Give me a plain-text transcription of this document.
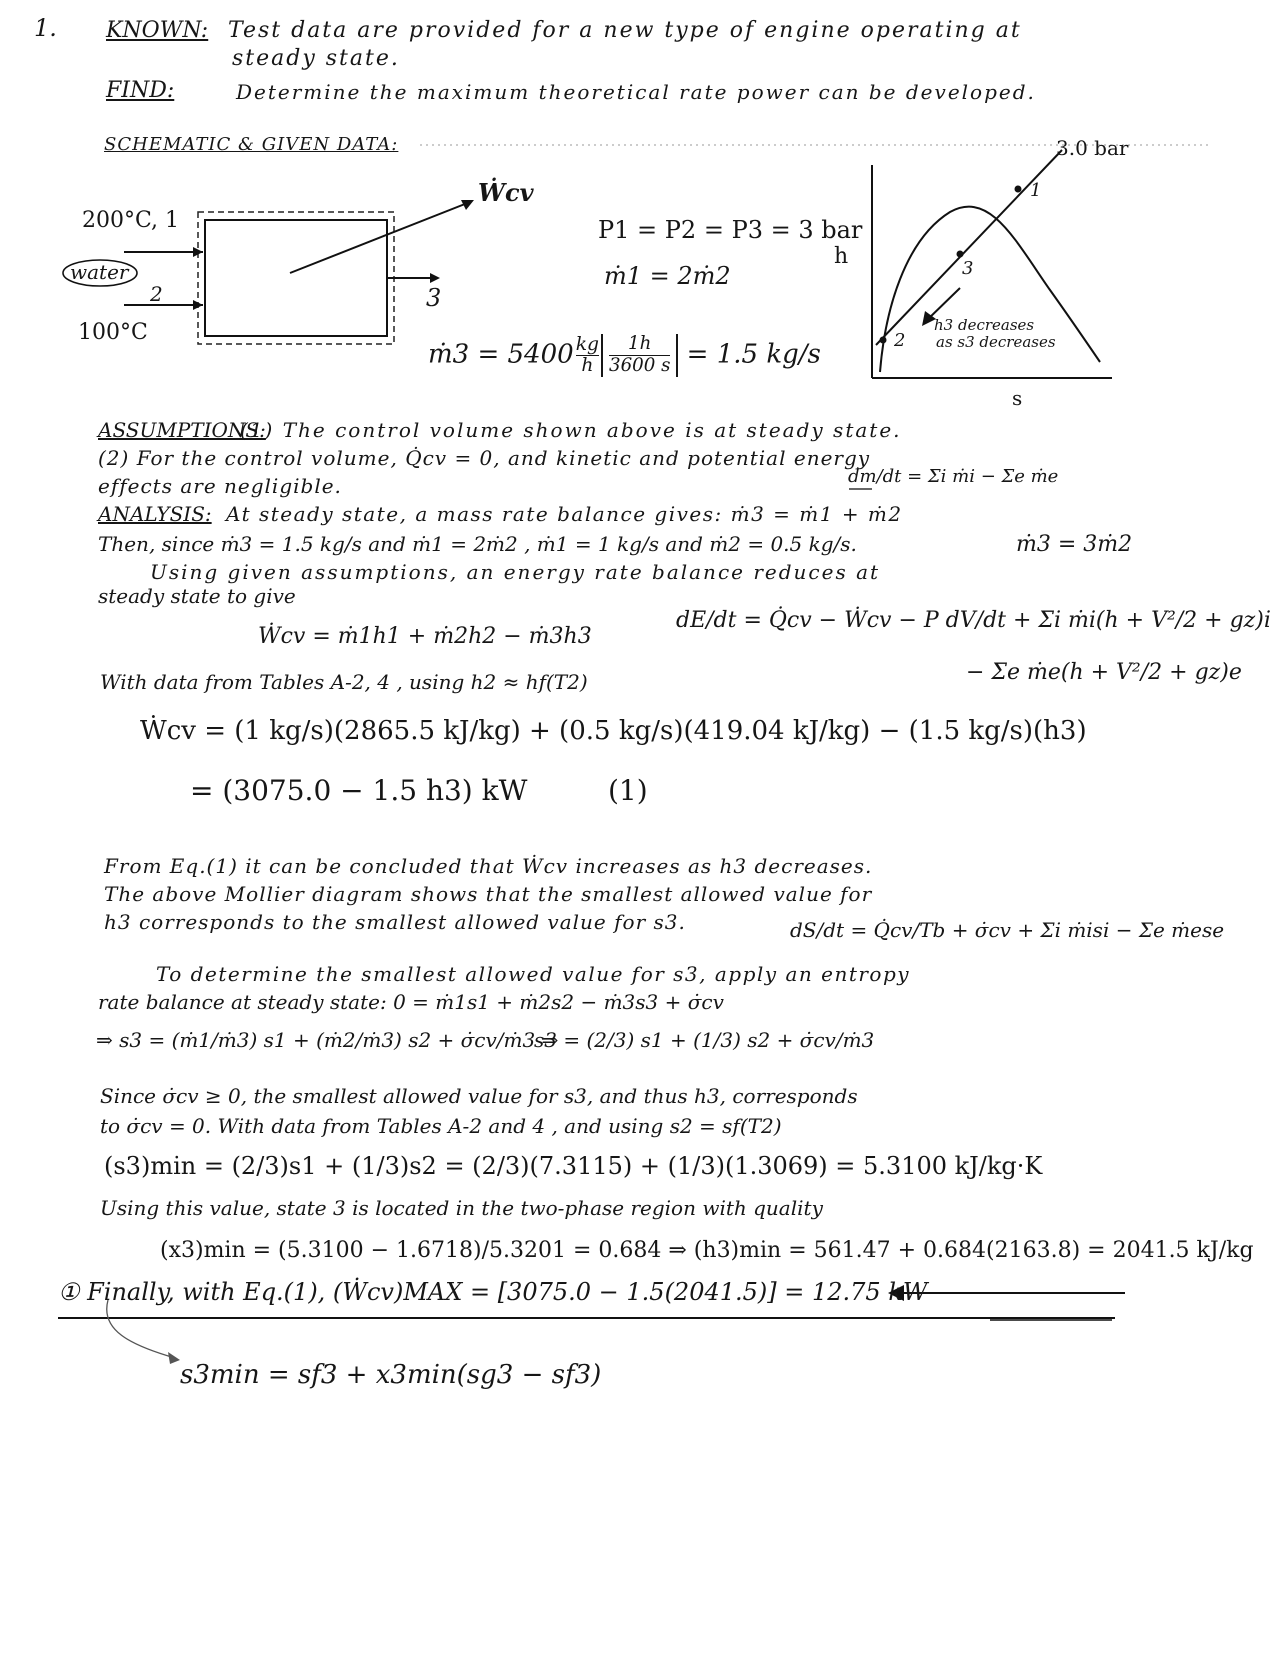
1. KNOWN: Test data are provided for a new type of engine operating at
steady state.
FIND:	Determine the maximum theoretical rate power can be developed.
SCHEMATIC & GIVEN DATA:
200°C, 1
water
2
100°C
3
Ẇcv
P1 = P2 = P3 = 3 bar
ṁ1 = 2ṁ2
ṁ3 = $5400 \frac{kg}{h} \frac{1h}{3600 s} = 1.5$ kg/s
3.0 bar
h
s
1
2
3
h3 decreases
as s3 decreases
ASSUMPTIONS:
(1) The control volume shown above is at steady state.
(2) For the control volume, Q̇cv = 0, and kinetic and potential energy
effects are negligible.	dm/dt = Σi ṁi − Σe ṁe
ANALYSIS: At steady state, a mass rate balance gives: ṁ3 = ṁ1 + ṁ2
Then, since ṁ3 = 1.5 kg/s and ṁ1 = 2ṁ2 , ṁ1 = 1 kg/s and ṁ2 = 0.5 kg/s.	ṁ3 = 3ṁ2
Using given assumptions, an energy rate balance reduces at
steady state to give
Ẇcv = ṁ1h1 + ṁ2h2 − ṁ3h3
dE/dt = Q̇cv − Ẇcv − P dV/dt + Σi ṁi(h + V²/2 + gz)i
− Σe ṁe(h + V²/2 + gz)e
With data from Tables A-2, 4 , using h2 ≈ hf(T2)
Ẇcv = (1 kg/s)(2865.5 kJ/kg) + (0.5 kg/s)(419.04 kJ/kg) − (1.5 kg/s)(h3)
= (3075.0 − 1.5 h3) kW	(1)
From Eq.(1) it can be concluded that Ẇcv increases as h3 decreases.
The above Mollier diagram shows that the smallest allowed value for
h3 corresponds to the smallest allowed value for s3.	dS/dt = Q̇cv/Tb + σ̇cv + Σi ṁisi − Σe ṁese
To determine the smallest allowed value for s3, apply an entropy
rate balance at steady state: 0 = ṁ1s1 + ṁ2s2 − ṁ3s3 + σ̇cv
⇒ s3 = (ṁ1/ṁ3) s1 + (ṁ2/ṁ3) s2 + σ̇cv/ṁ3 ⇒
s3 = (2/3) s1 + (1/3) s2 + σ̇cv/ṁ3
Since σ̇cv ≥ 0, the smallest allowed value for s3, and thus h3, corresponds
to σ̇cv = 0. With data from Tables A-2 and 4 , and using s2 = sf(T2)
(s3)min = (2/3)s1 + (1/3)s2 = (2/3)(7.3115) + (1/3)(1.3069) = 5.3100 kJ/kg·K
Using this value, state 3 is located in the two-phase region with quality
(x3)min = (5.3100 − 1.6718)/5.3201 = 0.684 ⇒ (h3)min = 561.47 + 0.684(2163.8) = 2041.5 kJ/kg
① Finally, with Eq.(1), (Ẇcv)MAX = [3075.0 − 1.5(2041.5)] = 12.75 kW
s3min = sf3 + x3min(sg3 − sf3)
